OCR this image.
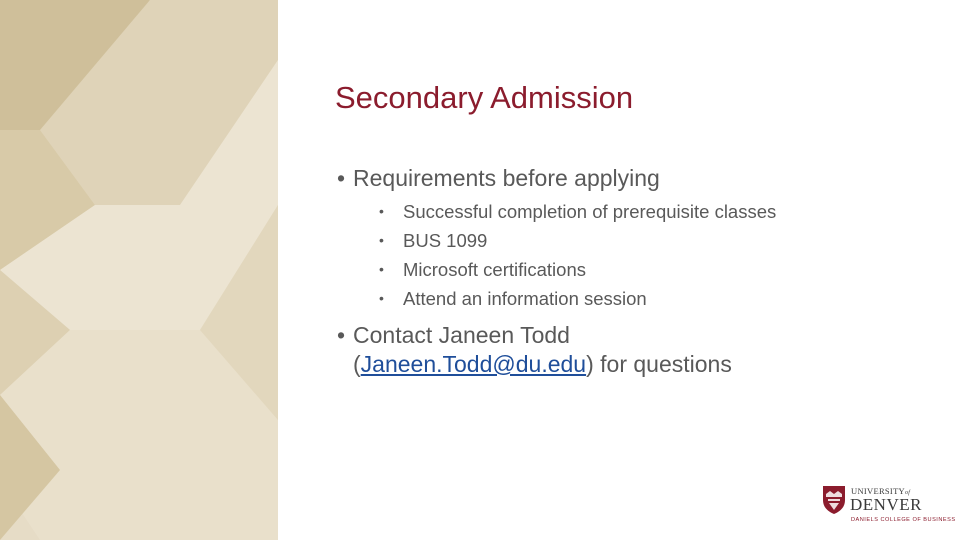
Secondary Admission
• Requirements before applying
• Successful completion of prerequisite classes
• BUS 1099
• Microsoft certifications
• Attend an information session
• Contact Janeen Todd
(Janeen.Todd@du.edu) for questions
UNIVERSITYof
DENVER
DANIELS COLLEGE OF BUSINESS
